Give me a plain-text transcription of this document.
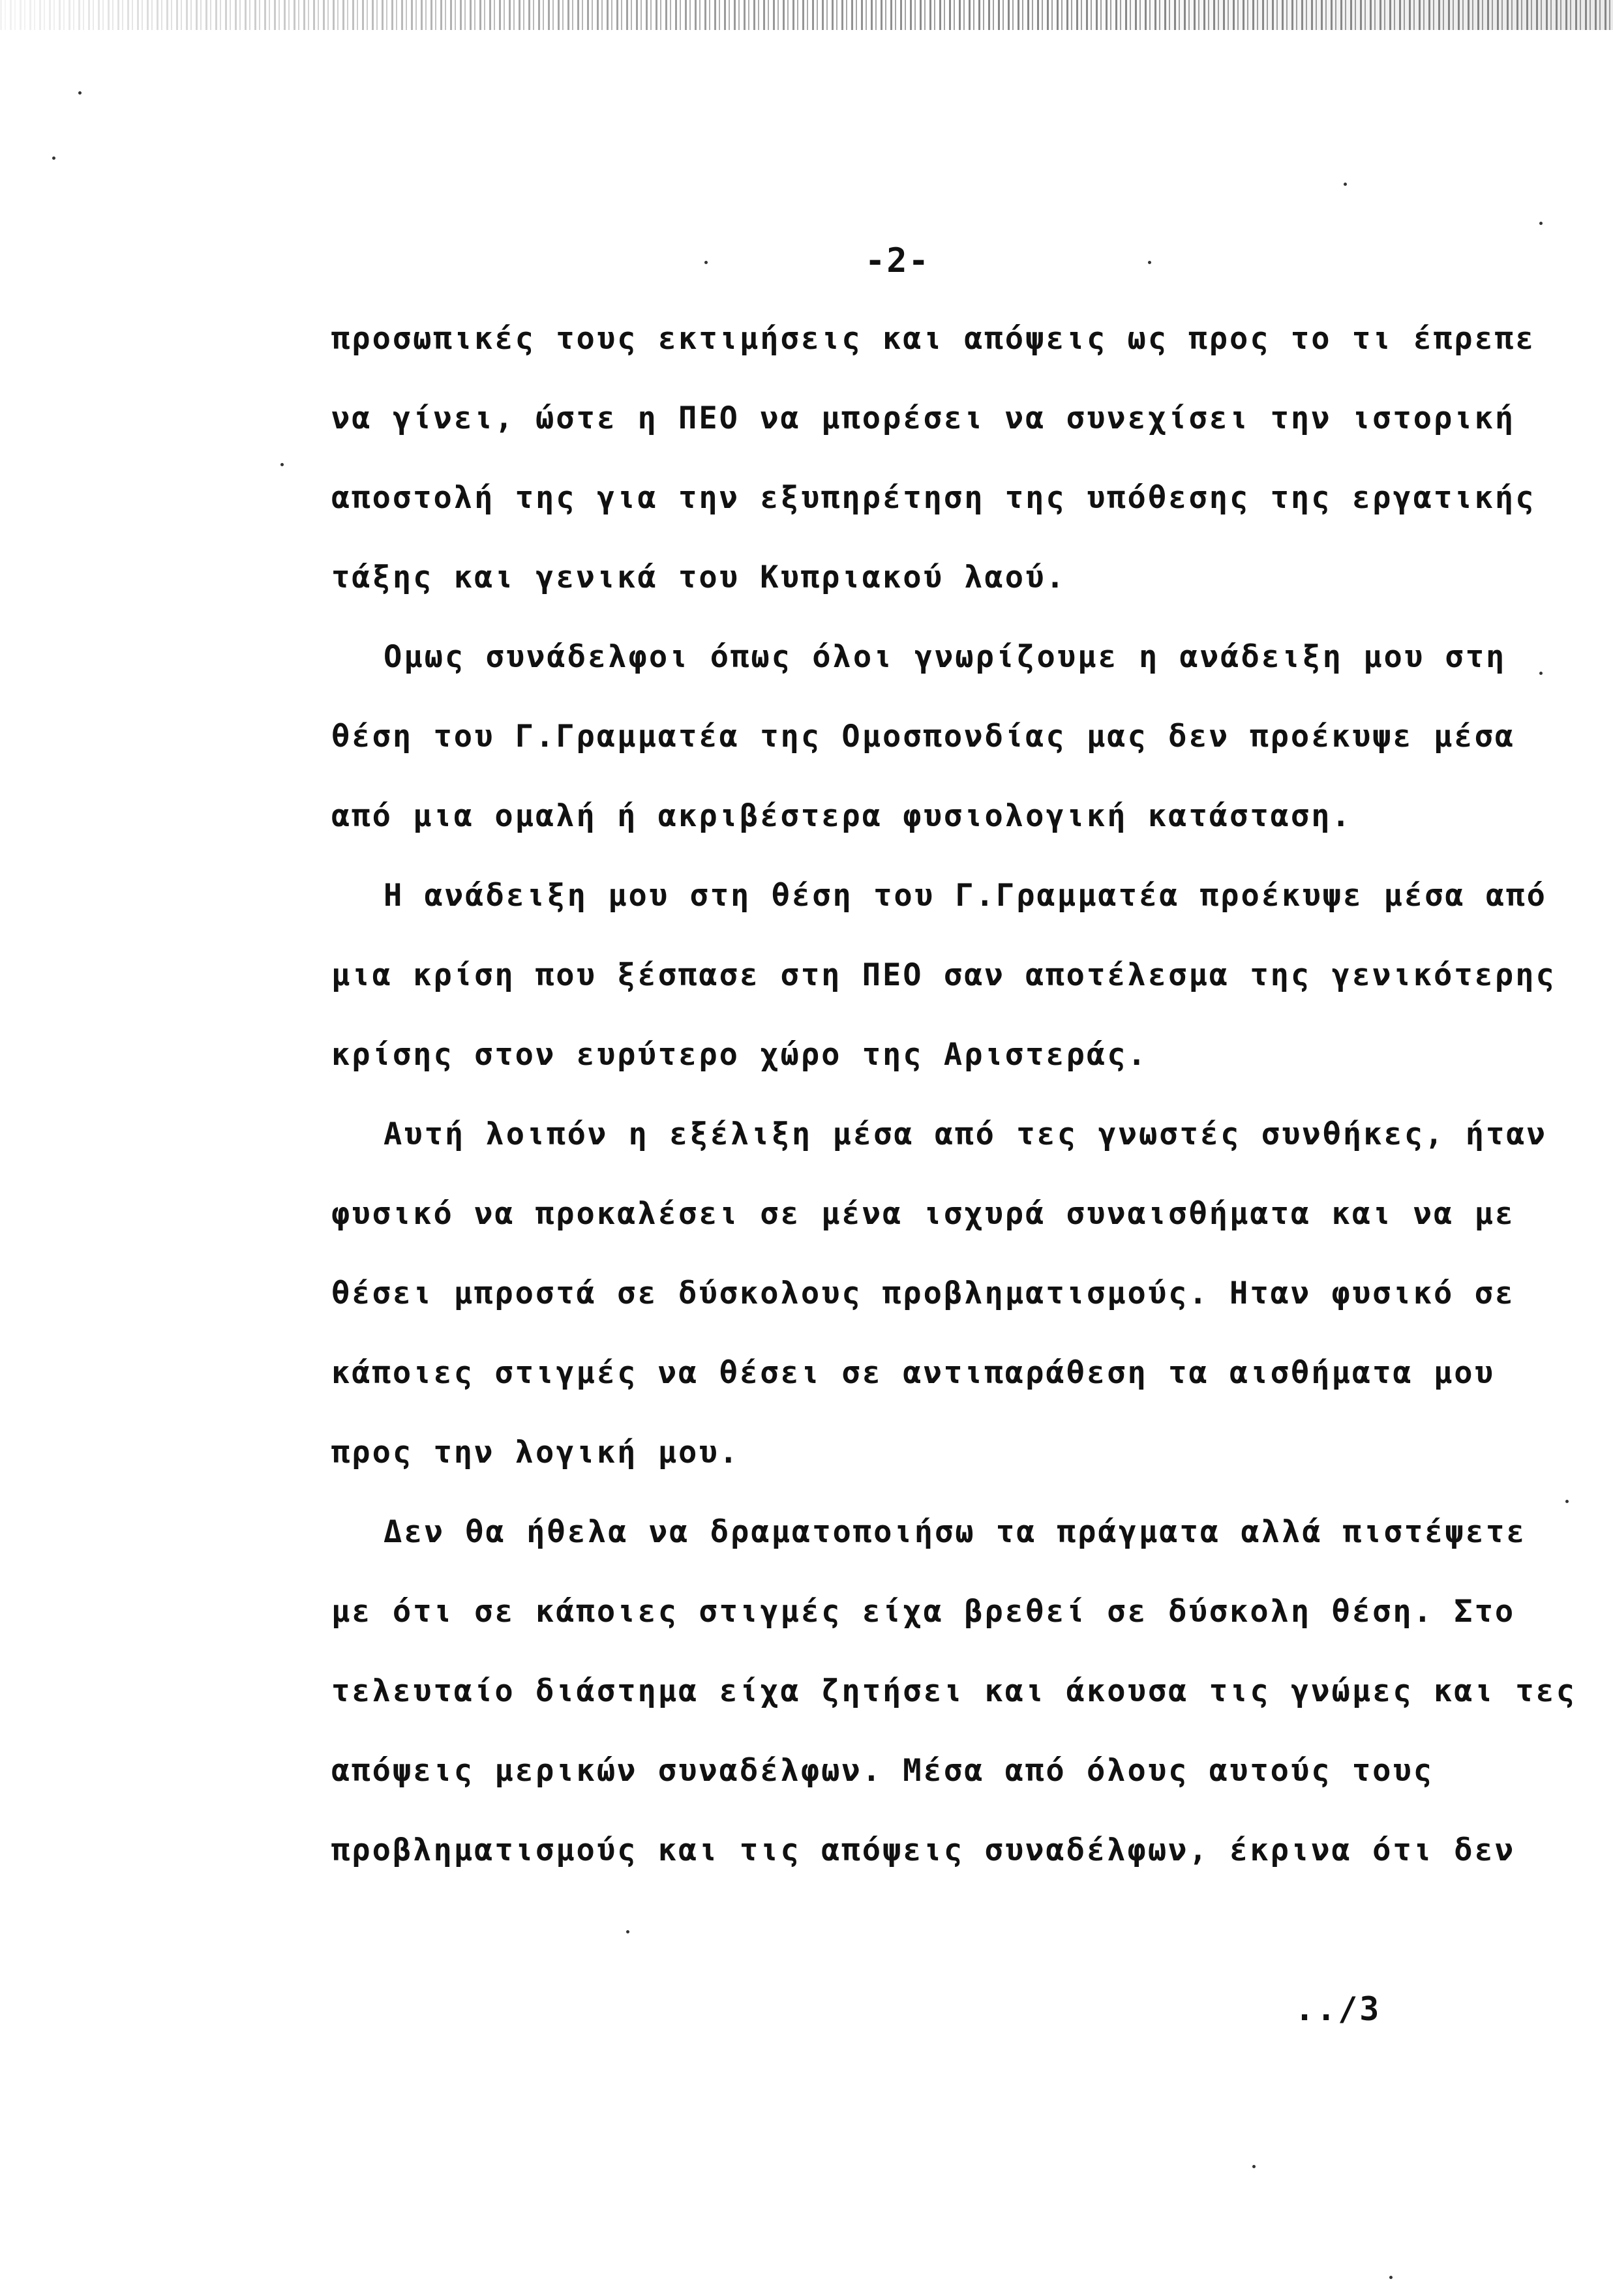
-2-
προσωπικές τους εκτιμήσεις και απόψεις ως προς το τι έπρεπε
να γίνει, ώστε η ΠΕΟ να μπορέσει να συνεχίσει την ιστορική
αποστολή της για την εξυπηρέτηση της υπόθεσης της εργατικής
τάξης και γενικά του Κυπριακού λαού.
Ομως συνάδελφοι όπως όλοι γνωρίζουμε η ανάδειξη μου στη
θέση του Γ.Γραμματέα της Ομοσπονδίας μας δεν προέκυψε μέσα
από μια ομαλή ή ακριβέστερα φυσιολογική κατάσταση.
Η ανάδειξη μου στη θέση του Γ.Γραμματέα προέκυψε μέσα από
μια κρίση που ξέσπασε στη ΠΕΟ σαν αποτέλεσμα της γενικότερης
κρίσης στον ευρύτερο χώρο της Αριστεράς.
Αυτή λοιπόν η εξέλιξη μέσα από τες γνωστές συνθήκες, ήταν
φυσικό να προκαλέσει σε μένα ισχυρά συναισθήματα και να με
θέσει μπροστά σε δύσκολους προβληματισμούς. Ηταν φυσικό σε
κάποιες στιγμές να θέσει σε αντιπαράθεση τα αισθήματα μου
προς την λογική μου.
Δεν θα ήθελα να δραματοποιήσω τα πράγματα αλλά πιστέψετε
με ότι σε κάποιες στιγμές είχα βρεθεί σε δύσκολη θέση. Στο
τελευταίο διάστημα είχα ζητήσει και άκουσα τις γνώμες και τες
απόψεις μερικών συναδέλφων. Μέσα από όλους αυτούς τους
προβληματισμούς και τις απόψεις συναδέλφων, έκρινα ότι δεν
../3
